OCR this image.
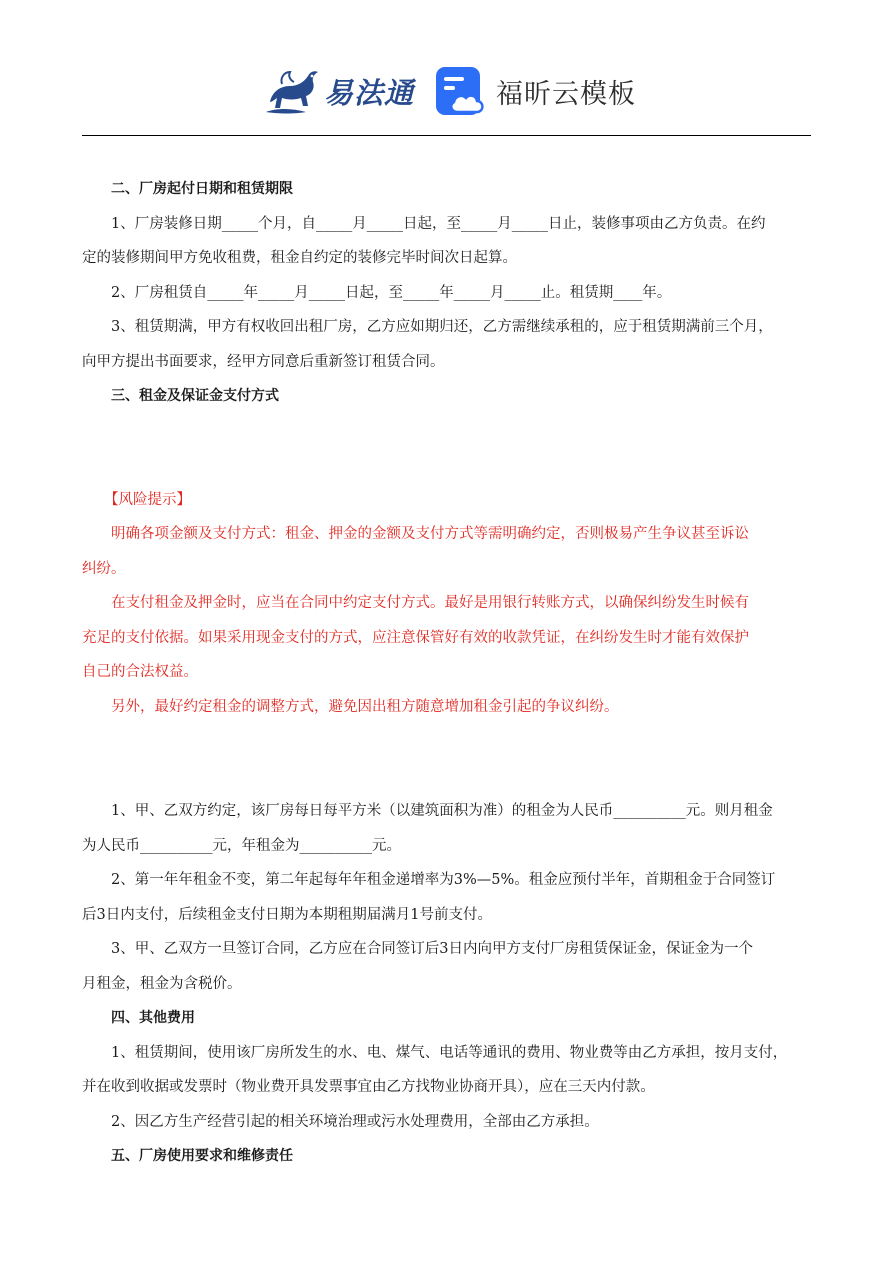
易法通	福昕云模板

二、厂房起付日期和租赁期限

1、厂房装修日期_____个月，自_____月_____日起，至_____月_____日止，装修事项由乙方负责。在约

定的装修期间甲方免收租费，租金自约定的装修完毕时间次日起算。

2、厂房租赁自_____年_____月_____日起，至_____年_____月_____止。租赁期____年。

3、租赁期满，甲方有权收回出租厂房，乙方应如期归还，乙方需继续承租的，应于租赁期满前三个月，

向甲方提出书面要求，经甲方同意后重新签订租赁合同。

三、租金及保证金支付方式

【风险提示】

明确各项金额及支付方式：租金、押金的金额及支付方式等需明确约定，否则极易产生争议甚至诉讼

纠纷。

在支付租金及押金时，应当在合同中约定支付方式。最好是用银行转账方式，以确保纠纷发生时候有

充足的支付依据。如果采用现金支付的方式，应注意保管好有效的收款凭证，在纠纷发生时才能有效保护

自己的合法权益。

另外，最好约定租金的调整方式，避免因出租方随意增加租金引起的争议纠纷。

1、甲、乙双方约定，该厂房每日每平方米（以建筑面积为准）的租金为人民币__________元。则月租金

为人民币__________元，年租金为__________元。

2、第一年年租金不变，第二年起每年年租金递增率为3%—5%。租金应预付半年，首期租金于合同签订

后3日内支付，后续租金支付日期为本期租期届满月1号前支付。

3、甲、乙双方一旦签订合同，乙方应在合同签订后3日内向甲方支付厂房租赁保证金，保证金为一个

月租金，租金为含税价。

四、其他费用

1、租赁期间，使用该厂房所发生的水、电、煤气、电话等通讯的费用、物业费等由乙方承担，按月支付，

并在收到收据或发票时（物业费开具发票事宜由乙方找物业协商开具），应在三天内付款。

2、因乙方生产经营引起的相关环境治理或污水处理费用，全部由乙方承担。

五、厂房使用要求和维修责任
